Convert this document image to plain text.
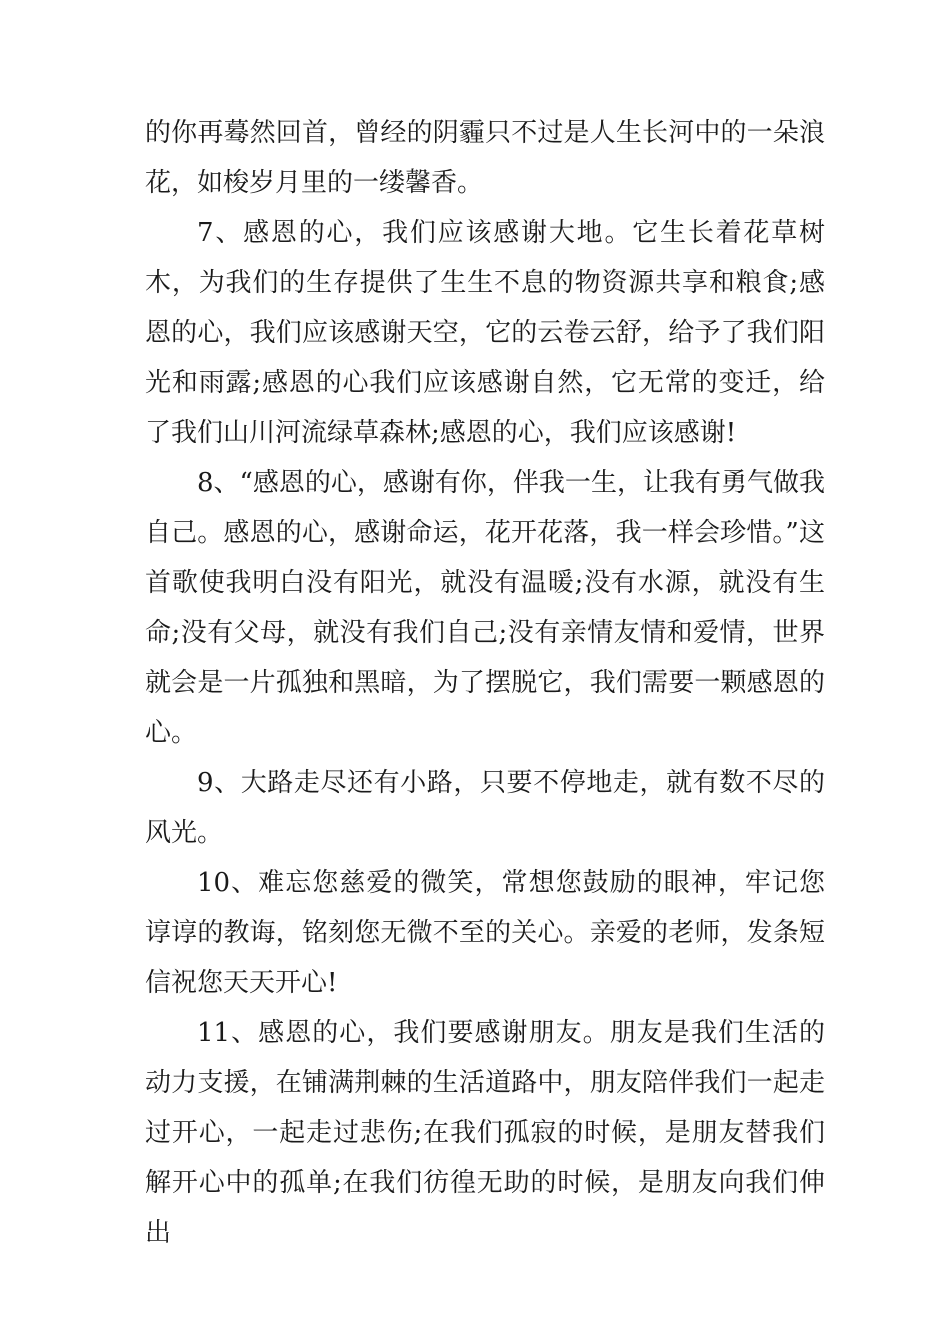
的你再蓦然回首，曾经的阴霾只不过是人生长河中的一朵浪花，如梭岁月里的一缕馨香。

7、感恩的心，我们应该感谢大地。它生长着花草树木，为我们的生存提供了生生不息的物资源共享和粮食;感恩的心，我们应该感谢天空，它的云卷云舒，给予了我们阳光和雨露;感恩的心我们应该感谢自然，它无常的变迁，给了我们山川河流绿草森林;感恩的心，我们应该感谢!

8、“感恩的心，感谢有你，伴我一生，让我有勇气做我自己。感恩的心，感谢命运，花开花落，我一样会珍惜。”这首歌使我明白没有阳光，就没有温暖;没有水源，就没有生命;没有父母，就没有我们自己;没有亲情友情和爱情，世界就会是一片孤独和黑暗，为了摆脱它，我们需要一颗感恩的心。

9、大路走尽还有小路，只要不停地走，就有数不尽的风光。

10、难忘您慈爱的微笑，常想您鼓励的眼神，牢记您谆谆的教诲，铭刻您无微不至的关心。亲爱的老师，发条短信祝您天天开心!

11、感恩的心，我们要感谢朋友。朋友是我们生活的动力支援，在铺满荆棘的生活道路中，朋友陪伴我们一起走过开心，一起走过悲伤;在我们孤寂的时候，是朋友替我们解开心中的孤单;在我们彷徨无助的时候，是朋友向我们伸出
